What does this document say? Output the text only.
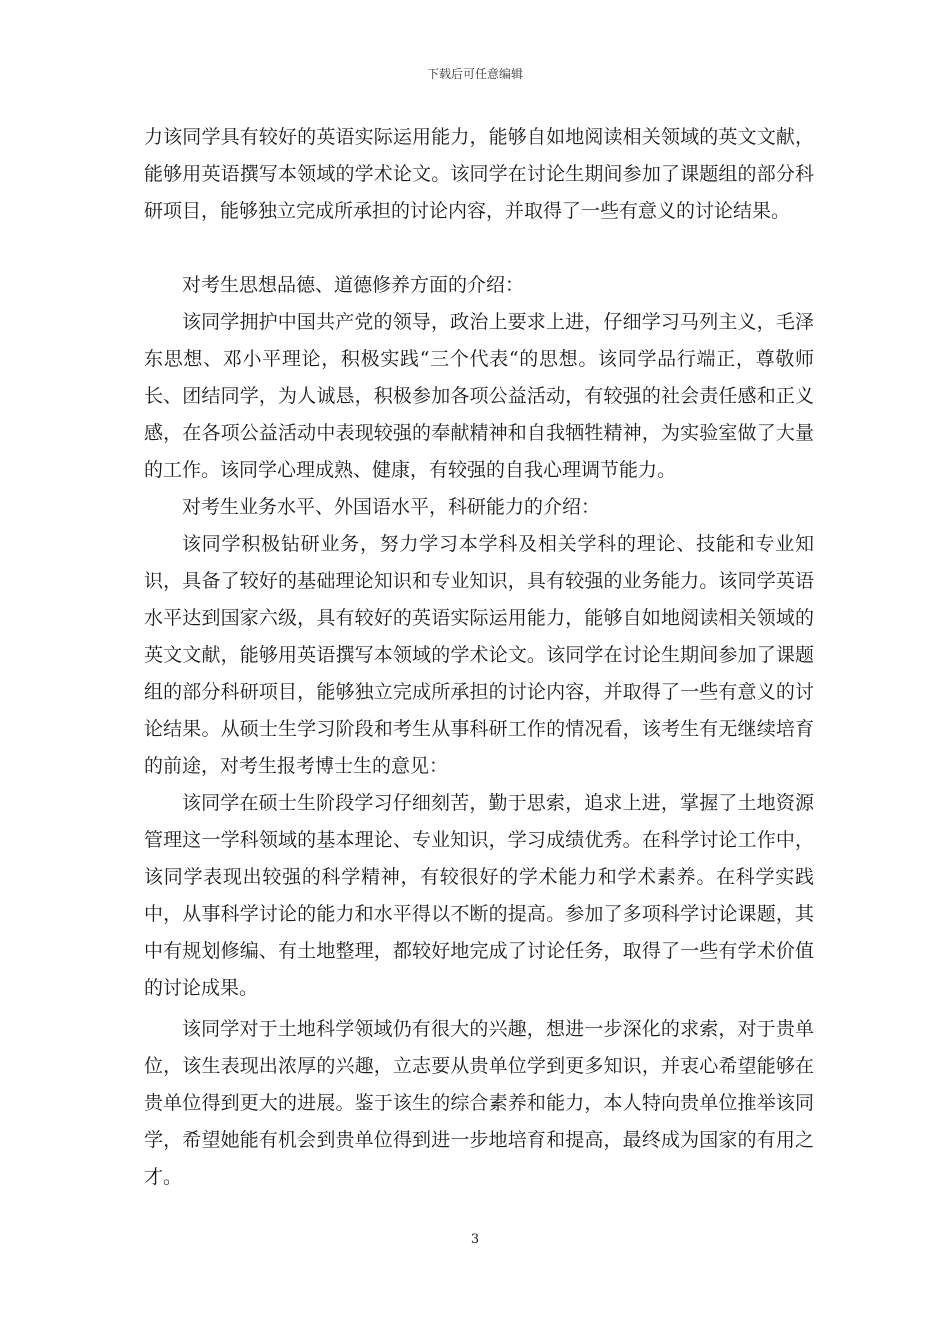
下载后可任意编辑

力该同学具有较好的英语实际运用能力，能够自如地阅读相关领域的英文文献，能够用英语撰写本领域的学术论文。该同学在讨论生期间参加了课题组的部分科研项目，能够独立完成所承担的讨论内容，并取得了一些有意义的讨论结果。

对考生思想品德、道德修养方面的介绍：

该同学拥护中国共产党的领导，政治上要求上进，仔细学习马列主义，毛泽东思想、邓小平理论，积极实践“三个代表“的思想。该同学品行端正，尊敬师长、团结同学，为人诚恳，积极参加各项公益活动，有较强的社会责任感和正义感，在各项公益活动中表现较强的奉献精神和自我牺牲精神，为实验室做了大量的工作。该同学心理成熟、健康，有较强的自我心理调节能力。

对考生业务水平、外国语水平，科研能力的介绍：

该同学积极钻研业务，努力学习本学科及相关学科的理论、技能和专业知识，具备了较好的基础理论知识和专业知识，具有较强的业务能力。该同学英语水平达到国家六级，具有较好的英语实际运用能力，能够自如地阅读相关领域的英文文献，能够用英语撰写本领域的学术论文。该同学在讨论生期间参加了课题组的部分科研项目，能够独立完成所承担的讨论内容，并取得了一些有意义的讨论结果。从硕士生学习阶段和考生从事科研工作的情况看，该考生有无继续培育的前途，对考生报考博士生的意见：

该同学在硕士生阶段学习仔细刻苦，勤于思索，追求上进，掌握了土地资源管理这一学科领域的基本理论、专业知识，学习成绩优秀。在科学讨论工作中，该同学表现出较强的科学精神，有较很好的学术能力和学术素养。在科学实践中，从事科学讨论的能力和水平得以不断的提高。参加了多项科学讨论课题，其中有规划修编、有土地整理，都较好地完成了讨论任务，取得了一些有学术价值的讨论成果。

该同学对于土地科学领域仍有很大的兴趣，想进一步深化的求索，对于贵单位，该生表现出浓厚的兴趣，立志要从贵单位学到更多知识，并衷心希望能够在贵单位得到更大的进展。鉴于该生的综合素养和能力，本人特向贵单位推举该同学，希望她能有机会到贵单位得到进一步地培育和提高，最终成为国家的有用之才。

3
